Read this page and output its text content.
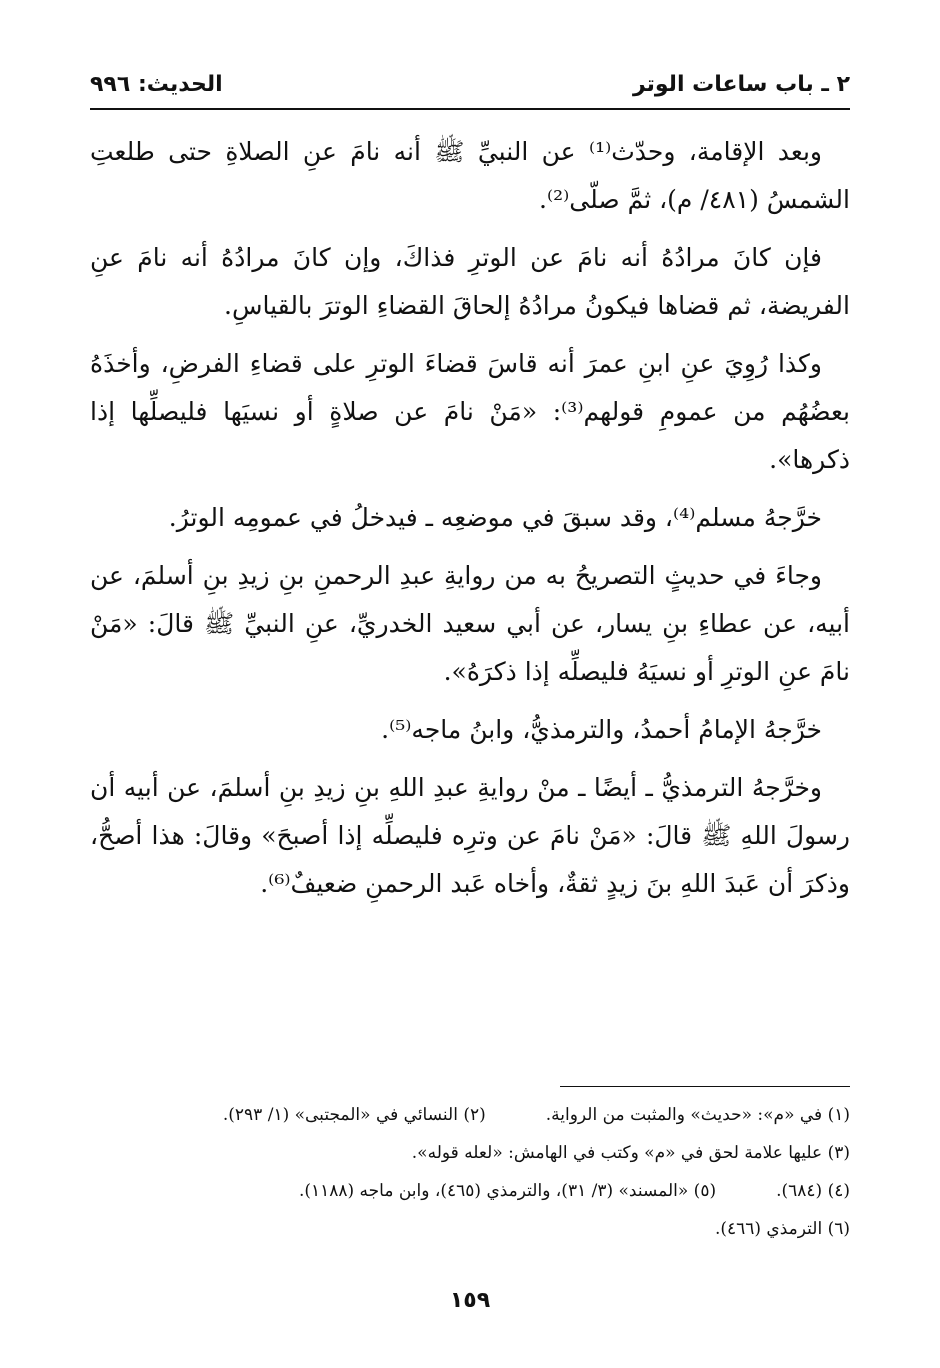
٢ ـ باب ساعات الوتر
الحديث: ٩٩٦

وبعد الإقامة، وحدّث⁽¹⁾ عن النبيِّ ﷺ أنه نامَ عنِ الصلاةِ حتى طلعتِ الشمسُ (٤٨١/ م)، ثمَّ صلّى⁽²⁾.

فإن كانَ مرادُهُ أنه نامَ عن الوترِ فذاكَ، وإن كانَ مرادُهُ أنه نامَ عنِ الفريضة، ثم قضاها فيكونُ مرادُهُ إلحاقَ القضاءِ الوترَ بالقياسِ.

وكذا رُوِيَ عنِ ابنِ عمرَ أنه قاسَ قضاءَ الوترِ على قضاءِ الفرضِ، وأخذَهُ بعضُهُم من عمومِ قولهم⁽³⁾: «مَنْ نامَ عن صلاةٍ أو نسيَها فليصلِّها إذا ذكرها».

خرَّجهُ مسلم⁽⁴⁾، وقد سبقَ في موضعِه ـ فيدخلُ في عمومِه الوترُ.

وجاءَ في حديثٍ التصريحُ به من روايةِ عبدِ الرحمنِ بنِ زيدِ بنِ أسلمَ، عن أبيه، عن عطاءِ بنِ يسار، عن أبي سعيد الخدريِّ، عنِ النبيِّ ﷺ قالَ: «مَنْ نامَ عنِ الوترِ أو نسيَهُ فليصلِّه إذا ذكرَهُ».

خرَّجهُ الإمامُ أحمدُ، والترمذيُّ، وابنُ ماجه⁽⁵⁾.

وخرَّجهُ الترمذيُّ ـ أيضًا ـ منْ روايةِ عبدِ اللهِ بنِ زيدِ بنِ أسلمَ، عن أبيه أن رسولَ اللهِ ﷺ قالَ: «مَنْ نامَ عن وترِه فليصلِّه إذا أصبحَ» وقالَ: هذا أصحُّ، وذكرَ أن عَبدَ اللهِ بنَ زيدٍ ثقةٌ، وأخاه عَبد الرحمنِ ضعيفٌ⁽⁶⁾.

(١) في «م»: «حديث» والمثبت من الرواية.
(٢) النسائي في «المجتبى» (١/ ٢٩٣).
(٣) عليها علامة لحق في «م» وكتب في الهامش: «لعله قوله».
(٤) (٦٨٤).
(٥) «المسند» (٣/ ٣١)، والترمذي (٤٦٥)، وابن ماجه (١١٨٨).
(٦) الترمذي (٤٦٦).
١٥٩
